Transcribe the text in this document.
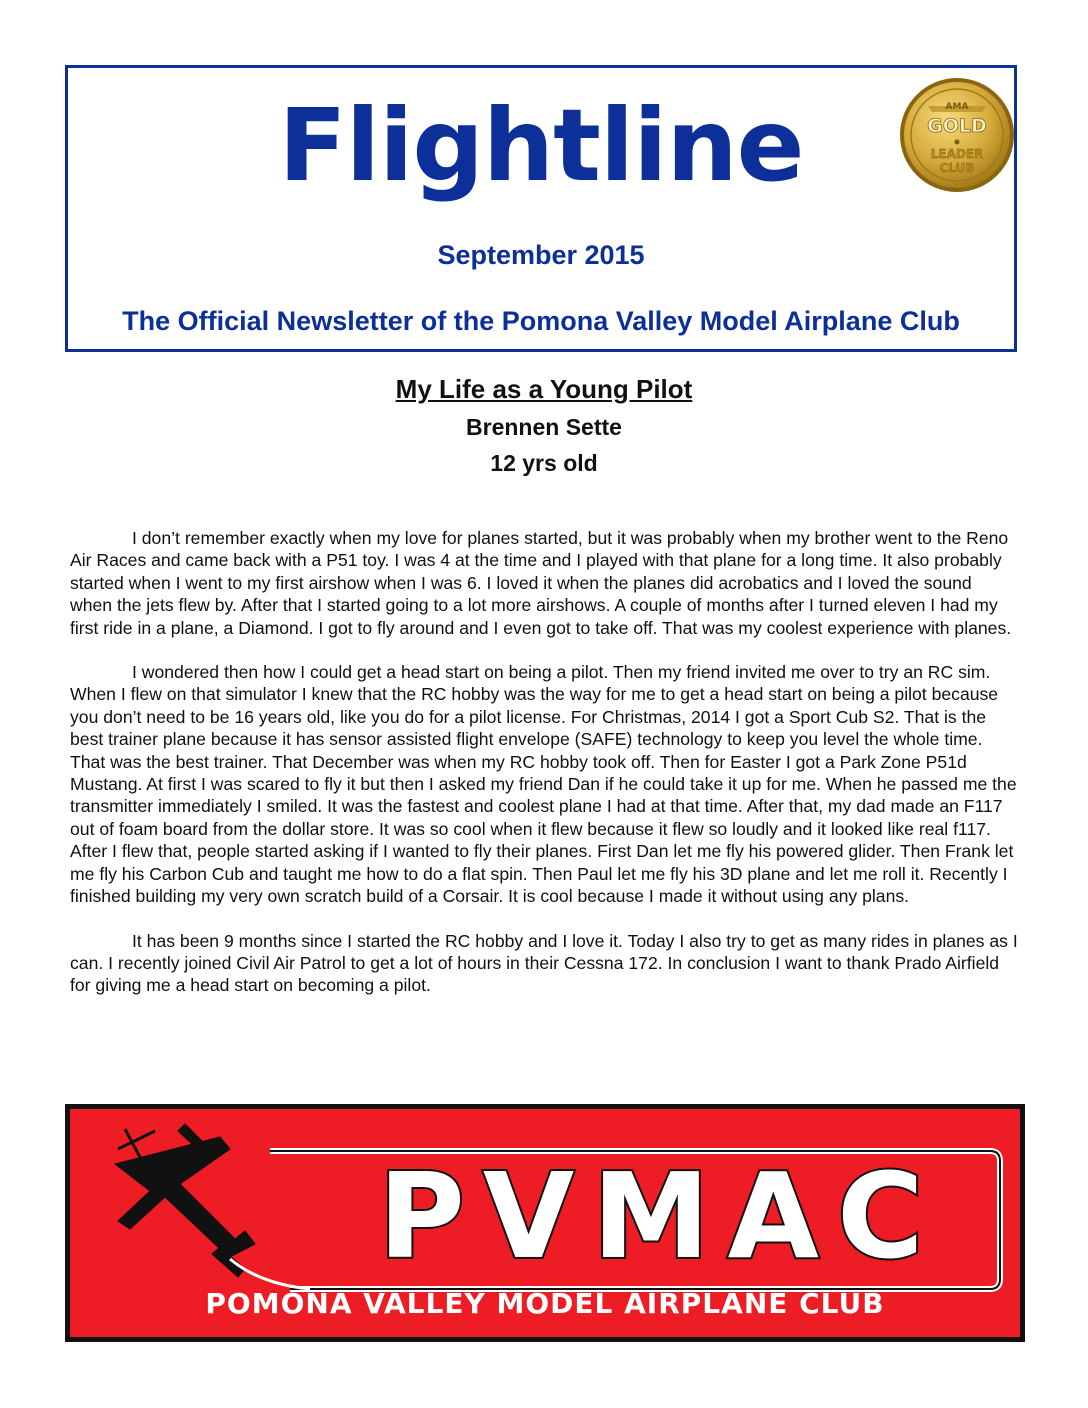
Flightline
September 2015
The Official Newsletter of the Pomona Valley Model Airplane Club
AMA
GOLD
LEADER
CLUB
My Life as a Young Pilot
Brennen Sette
12 yrs old

I don’t remember exactly when my love for planes started, but it was probably when my brother went to the Reno Air Races and came back with a P51 toy. I was 4 at the time and I played with that plane for a long time. It also probably started when I went to my first airshow when I was 6. I loved it when the planes did acrobatics and I loved the sound when the jets flew by. After that I started going to a lot more airshows. A couple of months after I turned eleven I had my first ride in a plane, a Diamond. I got to fly around and I even got to take off. That was my coolest experience with planes.

I wondered then how I could get a head start on being a pilot. Then my friend invited me over to try an RC sim. When I flew on that simulator I knew that the RC hobby was the way for me to get a head start on being a pilot because you don’t need to be 16 years old, like you do for a pilot license. For Christmas, 2014 I got a Sport Cub S2. That is the best trainer plane because it has sensor assisted flight envelope (SAFE) technology to keep you level the whole time. That was the best trainer. That December was when my RC hobby took off. Then for Easter I got a Park Zone P51d Mustang. At first I was scared to fly it but then I asked my friend Dan if he could take it up for me. When he passed me the transmitter immediately I smiled. It was the fastest and coolest plane I had at that time. After that, my dad made an F117 out of foam board from the dollar store. It was so cool when it flew because it flew so loudly and it looked like real f117. After I flew that, people started asking if I wanted to fly their planes. First Dan let me fly his powered glider. Then Frank let me fly his Carbon Cub and taught me how to do a flat spin. Then Paul let me fly his 3D plane and let me roll it. Recently I finished building my very own scratch build of a Corsair. It is cool because I made it without using any plans.

It has been 9 months since I started the RC hobby and I love it. Today I also try to get as many rides in planes as I can. I recently joined Civil Air Patrol to get a lot of hours in their Cessna 172. In conclusion I want to thank Prado Airfield for giving me a head start on becoming a pilot.

PVMAC
POMONA VALLEY MODEL AIRPLANE CLUB
